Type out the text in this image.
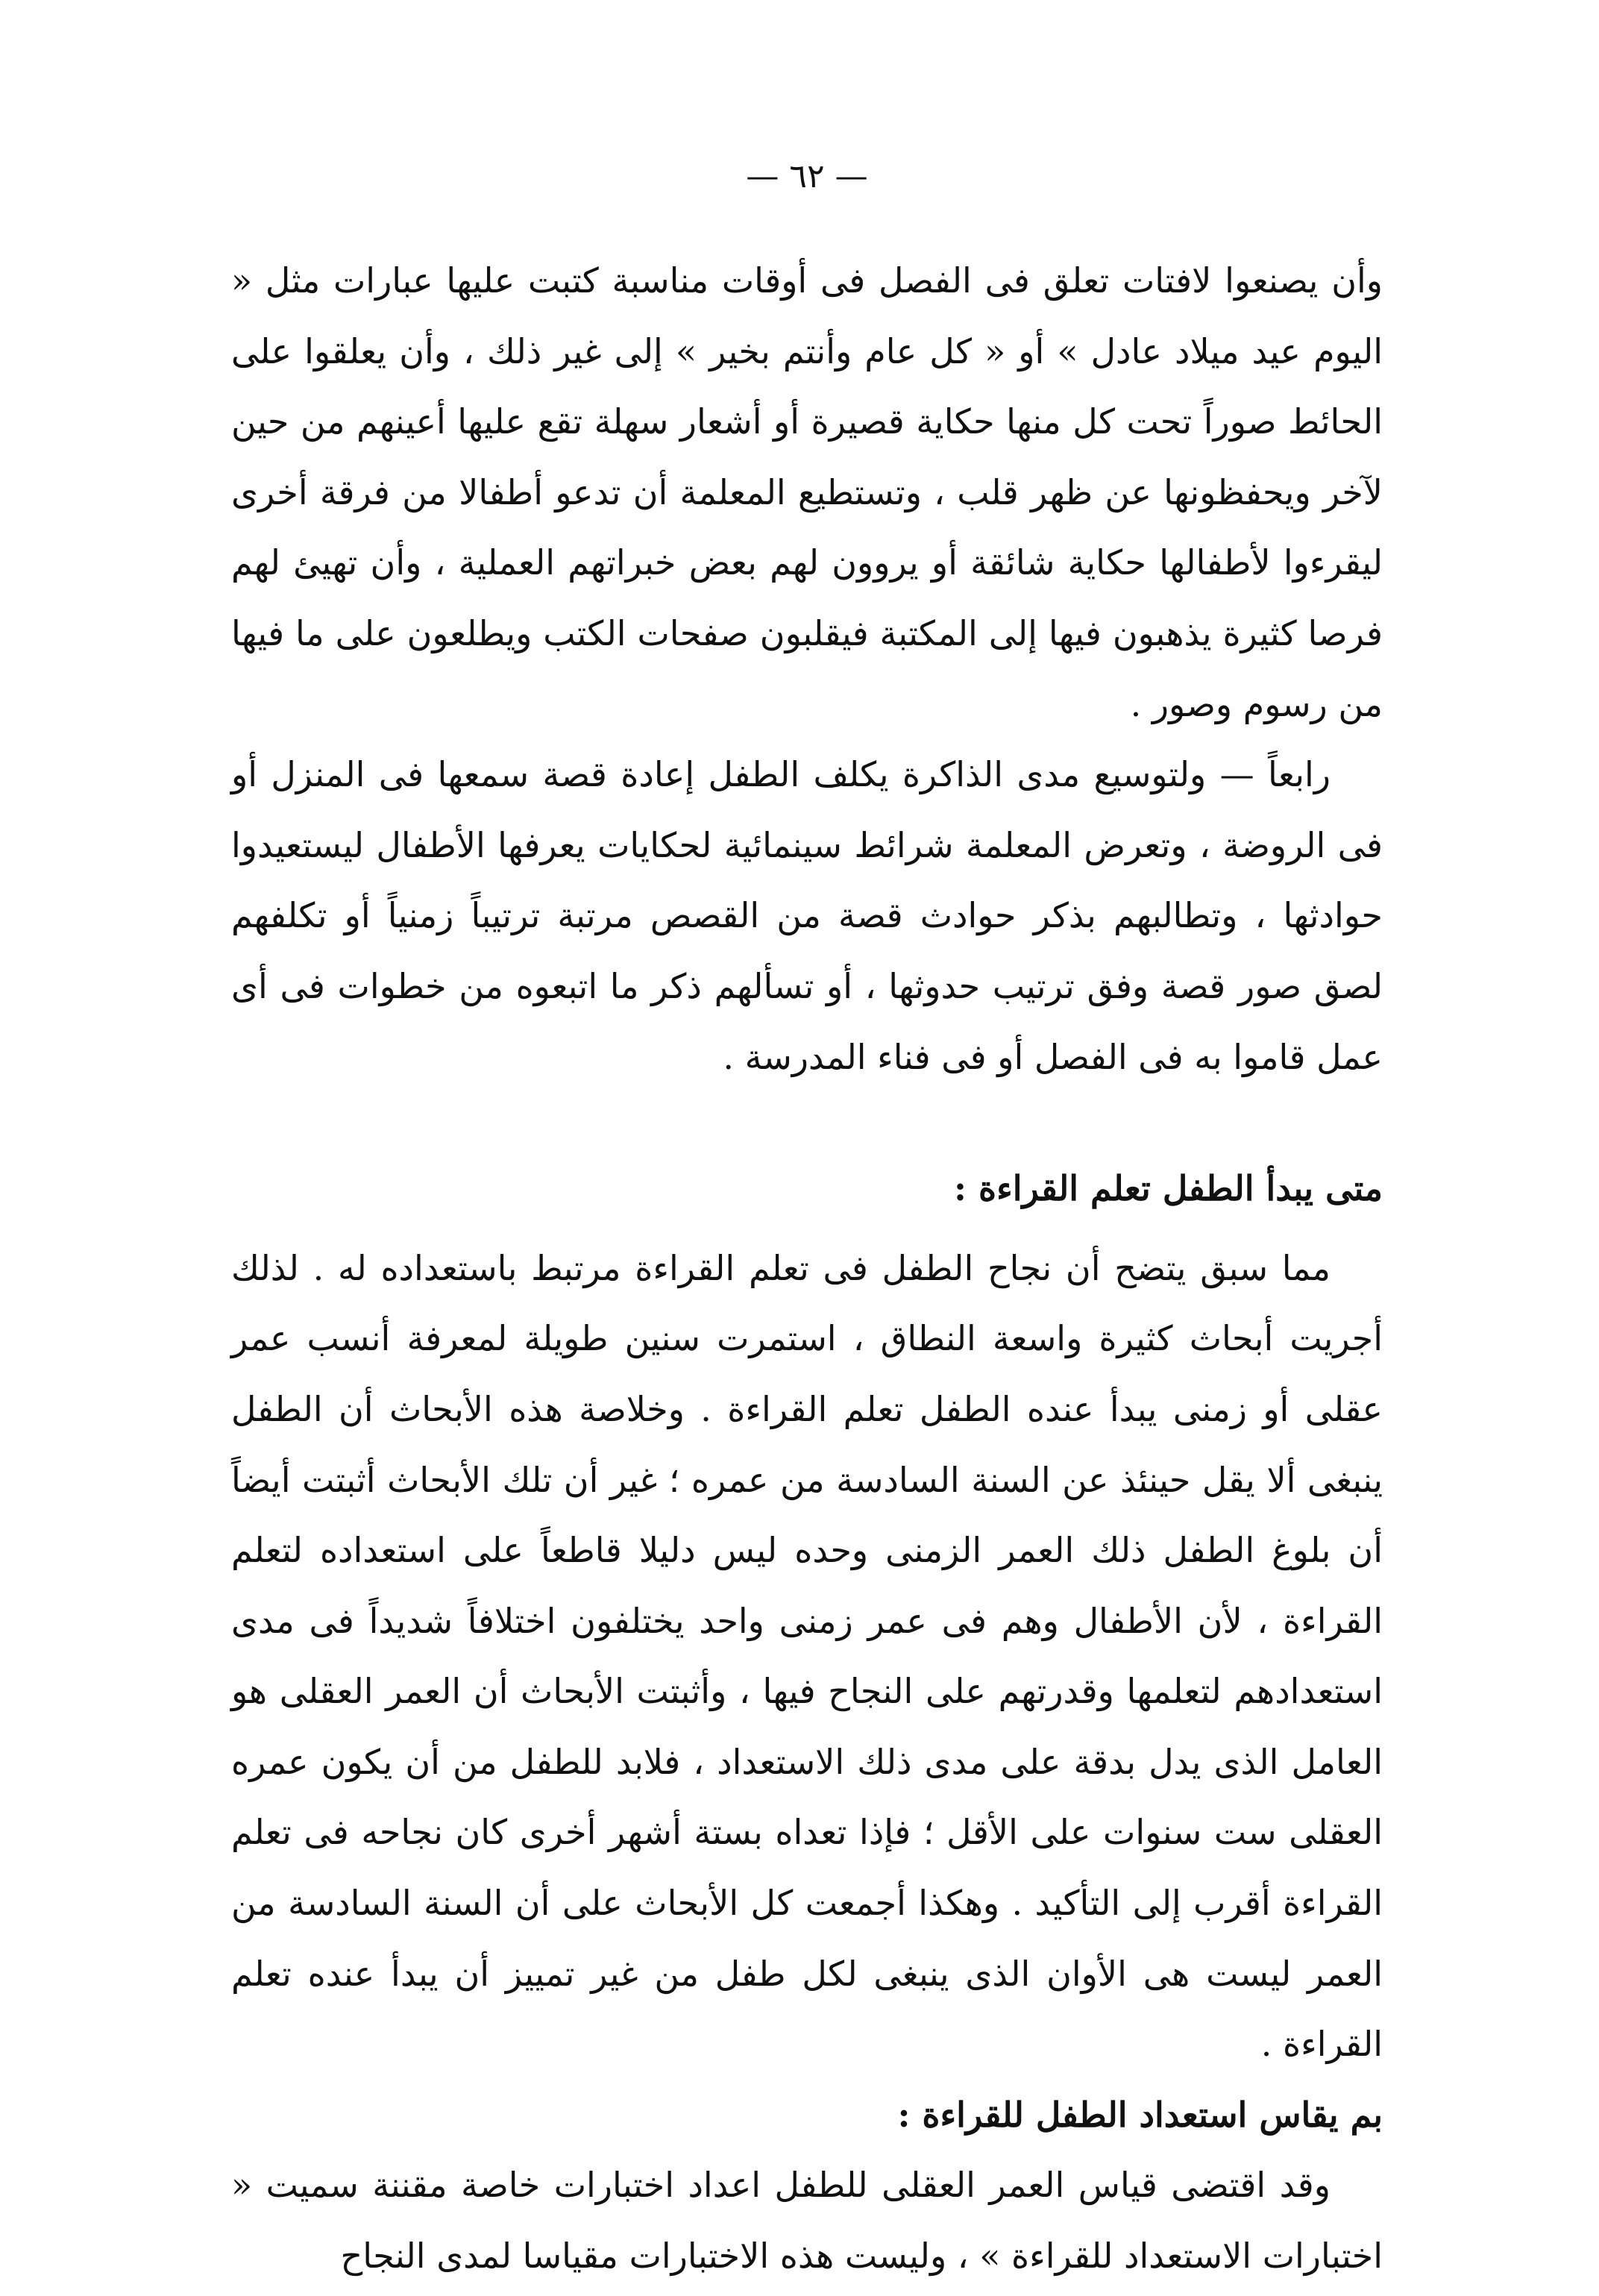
— ٦٢ —

وأن يصنعوا لافتات تعلق فى الفصل فى أوقات مناسبة كتبت عليها عبارات مثل « اليوم عيد ميلاد عادل » أو « كل عام وأنتم بخير » إلى غير ذلك ، وأن يعلقوا على الحائط صوراً تحت كل منها حكاية قصيرة أو أشعار سهلة تقع عليها أعينهم من حين لآخر ويحفظونها عن ظهر قلب ، وتستطيع المعلمة أن تدعو أطفالا من فرقة أخرى ليقرءوا لأطفالها حكاية شائقة أو يروون لهم بعض خبراتهم العملية ، وأن تهيئ لهم فرصا كثيرة يذهبون فيها إلى المكتبة فيقلبون صفحات الكتب ويطلعون على ما فيها من رسوم وصور .

رابعاً — ولتوسيع مدى الذاكرة يكلف الطفل إعادة قصة سمعها فى المنزل أو فى الروضة ، وتعرض المعلمة شرائط سينمائية لحكايات يعرفها الأطفال ليستعيدوا حوادثها ، وتطالبهم بذكر حوادث قصة من القصص مرتبة ترتيباً زمنياً أو تكلفهم لصق صور قصة وفق ترتيب حدوثها ، أو تسألهم ذكر ما اتبعوه من خطوات فى أى عمل قاموا به فى الفصل أو فى فناء المدرسة .

متى يبدأ الطفل تعلم القراءة :

مما سبق يتضح أن نجاح الطفل فى تعلم القراءة مرتبط باستعداده له . لذلك أجريت أبحاث كثيرة واسعة النطاق ، استمرت سنين طويلة لمعرفة أنسب عمر عقلى أو زمنى يبدأ عنده الطفل تعلم القراءة . وخلاصة هذه الأبحاث أن الطفل ينبغى ألا يقل حينئذ عن السنة السادسة من عمره ؛ غير أن تلك الأبحاث أثبتت أيضاً أن بلوغ الطفل ذلك العمر الزمنى وحده ليس دليلا قاطعاً على استعداده لتعلم القراءة ، لأن الأطفال وهم فى عمر زمنى واحد يختلفون اختلافاً شديداً فى مدى استعدادهم لتعلمها وقدرتهم على النجاح فيها ، وأثبتت الأبحاث أن العمر العقلى هو العامل الذى يدل بدقة على مدى ذلك الاستعداد ، فلابد للطفل من أن يكون عمره العقلى ست سنوات على الأقل ؛ فإذا تعداه بستة أشهر أخرى كان نجاحه فى تعلم القراءة أقرب إلى التأكيد . وهكذا أجمعت كل الأبحاث على أن السنة السادسة من العمر ليست هى الأوان الذى ينبغى لكل طفل من غير تمييز أن يبدأ عنده تعلم القراءة .

بم يقاس استعداد الطفل للقراءة :

وقد اقتضى قياس العمر العقلى للطفل اعداد اختبارات خاصة مقننة سميت « اختبارات الاستعداد للقراءة » ، وليست هذه الاختبارات مقياسا لمدى النجاح
